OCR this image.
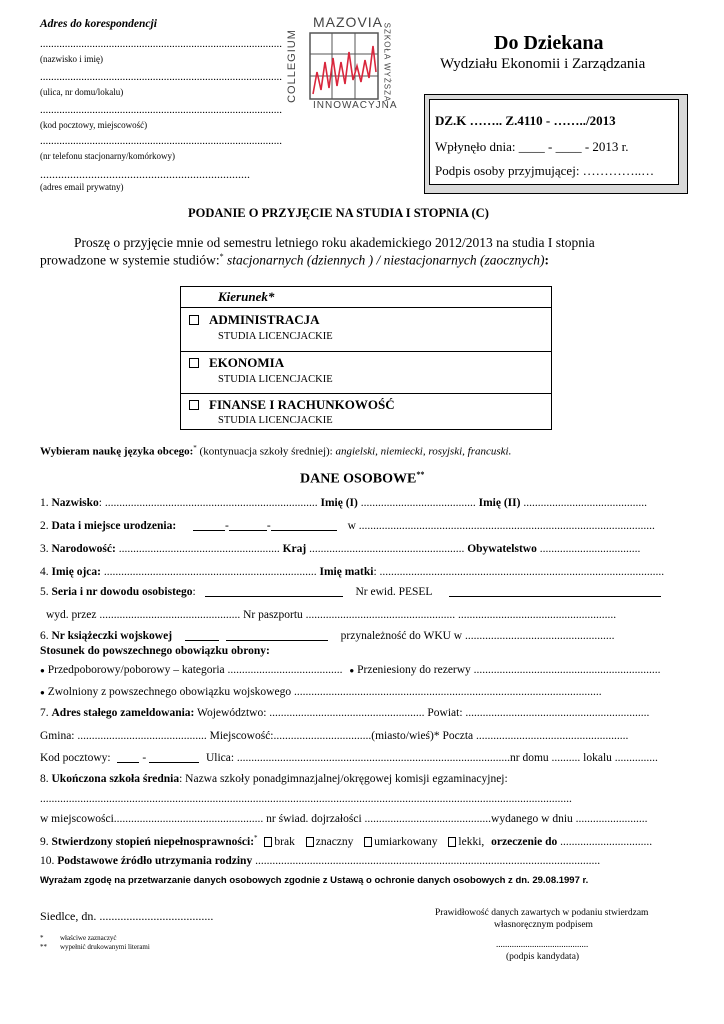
Adres do korespondencji
........................................................................................
(nazwisko i imię)
........................................................................................
(ulica, nr domu/lokalu)
........................................................................................
(kod pocztowy, miejscowość)
........................................................................................
(nr telefonu stacjonarny/komórkowy)
......................................................................
(adres email prywatny)
MAZOVIA
COLLEGIUM	SZKOŁA WYŻSZA
INNOWACYJNA
Do Dziekana
Wydziału Ekonomii i Zarządzania
DZ.K …….. Z.4110 - ……../2013
Wpłynęło dnia: ____ - ____ - 2013 r.
Podpis osoby przyjmującej: …………..…
PODANIE O PRZYJĘCIE NA STUDIA I STOPNIA (C)
Proszę o przyjęcie mnie od semestru letniego roku akademickiego 2012/2013 na studia I stopnia
prowadzone w systemie studiów:* stacjonarnych (dziennych ) / niestacjonarnych (zaocznych):
Kierunek*
ADMINISTRACJA
STUDIA LICENCJACKIE
EKONOMIA
STUDIA LICENCJACKIE
FINANSE I RACHUNKOWOŚĆ
STUDIA LICENCJACKIE
Wybieram naukę języka obcego:* (kontynuacja szkoły średniej): angielski, niemiecki, rosyjski, francuski.
DANE OSOBOWE**
1. Nazwisko: .......................................................................... Imię (I) ........................................ Imię (II) ...........................................
2. Data i miejsce urodzenia:	-	-	w .......................................................................................................
3. Narodowość: ........................................................ Kraj ...................................................... Obywatelstwo ...................................
4. Imię ojca: .......................................................................... Imię matki: ...................................................................................................
5. Seria i nr dowodu osobistego:	Nr ewid. PESEL
wyd. przez ................................................. Nr paszportu .................................................... .......................................................
6. Nr książeczki wojskowej	przynależność do WKU w ....................................................
Stosunek do powszechnego obowiązku obrony:
● Przedpoborowy/poborowy – kategoria ........................................ ● Przeniesiony do rezerwy .................................................................
● Zwolniony z powszechnego obowiązku wojskowego ...........................................................................................................
7. Adres stałego zameldowania: Województwo: ...................................................... Powiat: ................................................................
Gmina: ............................................. Miejscowość:..................................(miasto/wieś)* Poczta .....................................................
Kod pocztowy:	-	Ulica: ...............................................................................................nr domu .......... lokalu ...............
8. Ukończona szkoła średnia: Nazwa szkoły ponadgimnazjalnej/okręgowej komisji egzaminacyjnej:
.........................................................................................................................................................................................
w miejscowości.................................................... nr świad. dojrzałości ............................................wydanego w dniu .........................
9. Stwierdzony stopień niepełnosprawności:* brak znaczny umiarkowany lekki, orzeczenie do ................................
10. Podstawowe źródło utrzymania rodziny ........................................................................................................................
Wyrażam zgodę na przetwarzanie danych osobowych zgodnie z Ustawą o ochronie danych osobowych z dn. 29.08.1997 r.
Siedlce, dn. ......................................	Prawidłowość danych zawartych w podaniu stwierdzam
własnoręcznym podpisem
.........................................
(podpis kandydata)
* właściwe zaznaczyć
** wypełnić drukowanymi literami
